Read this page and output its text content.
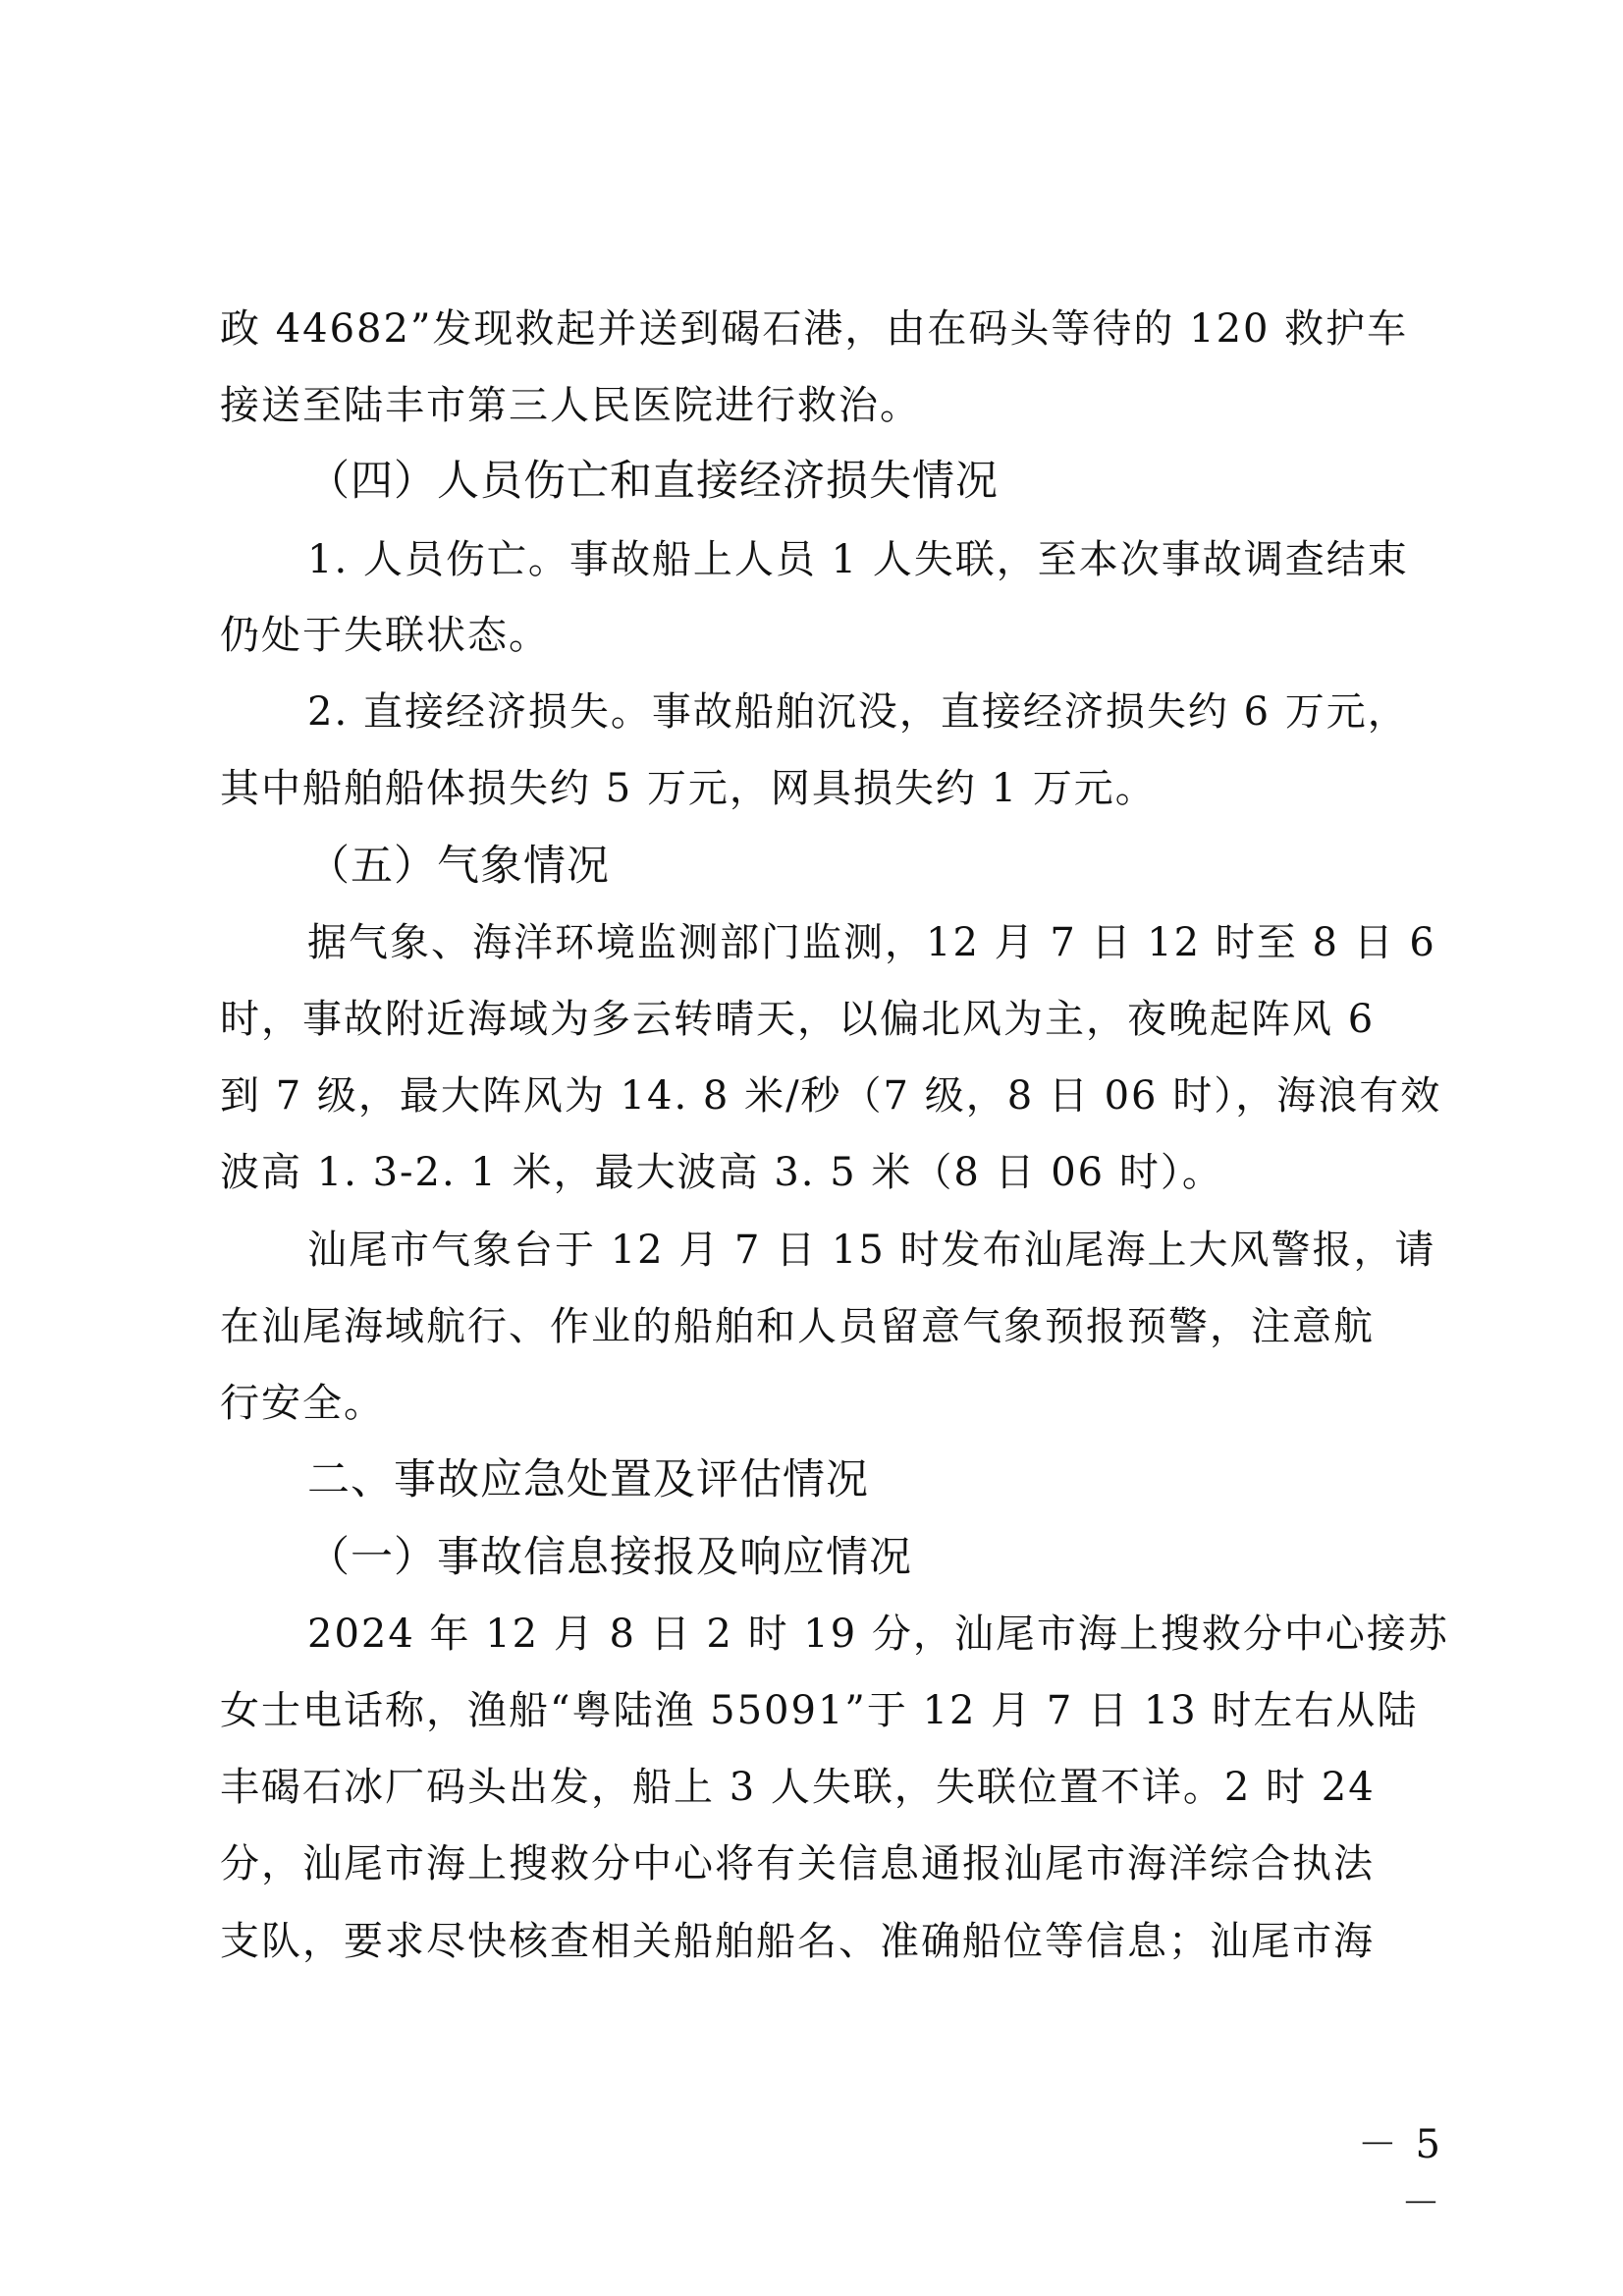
政 44682”发现救起并送到碣石港，由在码头等待的 120 救护车
接送至陆丰市第三人民医院进行救治。
（四）人员伤亡和直接经济损失情况
1. 人员伤亡。事故船上人员 1 人失联，至本次事故调查结束
仍处于失联状态。
2. 直接经济损失。事故船舶沉没，直接经济损失约 6 万元，
其中船舶船体损失约 5 万元，网具损失约 1 万元。
（五）气象情况
据气象、海洋环境监测部门监测，12 月 7 日 12 时至 8 日 6
时，事故附近海域为多云转晴天，以偏北风为主，夜晚起阵风 6
到 7 级，最大阵风为 14. 8 米/秒（7 级，8 日 06 时），海浪有效
波高 1. 3-2. 1 米，最大波高 3. 5 米（8 日 06 时）。
汕尾市气象台于 12 月 7 日 15 时发布汕尾海上大风警报，请
在汕尾海域航行、作业的船舶和人员留意气象预报预警，注意航
行安全。
二、事故应急处置及评估情况
（一）事故信息接报及响应情况
2024 年 12 月 8 日 2 时 19 分，汕尾市海上搜救分中心接苏
女士电话称，渔船“粤陆渔 55091”于 12 月 7 日 13 时左右从陆
丰碣石冰厂码头出发，船上 3 人失联，失联位置不详。2 时 24
分，汕尾市海上搜救分中心将有关信息通报汕尾市海洋综合执法
支队，要求尽快核查相关船舶船名、准确船位等信息；汕尾市海
－ 5 －
